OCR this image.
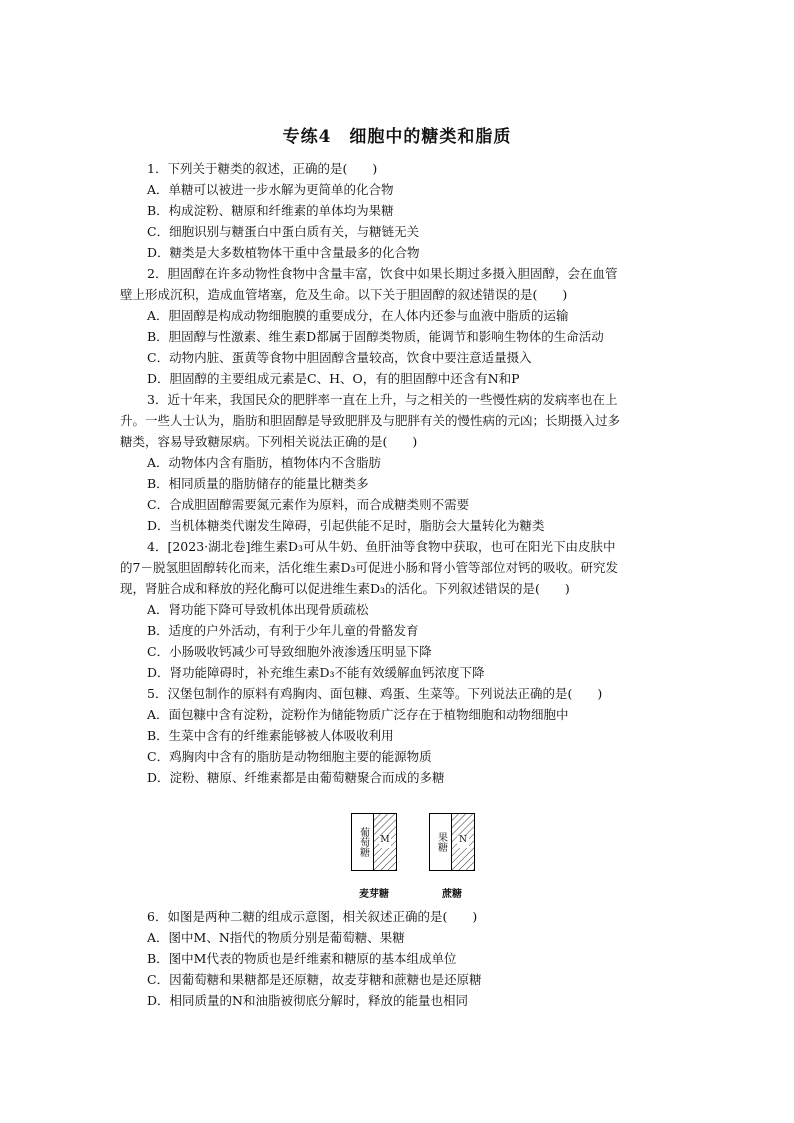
专练4　细胞中的糖类和脂质
1．下列关于糖类的叙述，正确的是(　　)
A．单糖可以被进一步水解为更简单的化合物
B．构成淀粉、糖原和纤维素的单体均为果糖
C．细胞识别与糖蛋白中蛋白质有关，与糖链无关
D．糖类是大多数植物体干重中含量最多的化合物
2．胆固醇在许多动物性食物中含量丰富，饮食中如果长期过多摄入胆固醇，会在血管
壁上形成沉积，造成血管堵塞，危及生命。以下关于胆固醇的叙述错误的是(　　)
A．胆固醇是构成动物细胞膜的重要成分，在人体内还参与血液中脂质的运输
B．胆固醇与性激素、维生素D都属于固醇类物质，能调节和影响生物体的生命活动
C．动物内脏、蛋黄等食物中胆固醇含量较高，饮食中要注意适量摄入
D．胆固醇的主要组成元素是C、H、O，有的胆固醇中还含有N和P
3．近十年来，我国民众的肥胖率一直在上升，与之相关的一些慢性病的发病率也在上
升。一些人士认为，脂肪和胆固醇是导致肥胖及与肥胖有关的慢性病的元凶；长期摄入过多
糖类，容易导致糖尿病。下列相关说法正确的是(　　)
A．动物体内含有脂肪，植物体内不含脂肪
B．相同质量的脂肪储存的能量比糖类多
C．合成胆固醇需要氮元素作为原料，而合成糖类则不需要
D．当机体糖类代谢发生障碍，引起供能不足时，脂肪会大量转化为糖类
4．[2023·湖北卷]维生素D₃可从牛奶、鱼肝油等食物中获取，也可在阳光下由皮肤中
的7－脱氢胆固醇转化而来，活化维生素D₃可促进小肠和肾小管等部位对钙的吸收。研究发
现，肾脏合成和释放的羟化酶可以促进维生素D₃的活化。下列叙述错误的是(　　)
A．肾功能下降可导致机体出现骨质疏松
B．适度的户外活动，有利于少年儿童的骨骼发育
C．小肠吸收钙减少可导致细胞外液渗透压明显下降
D．肾功能障碍时，补充维生素D₃不能有效缓解血钙浓度下降
5．汉堡包制作的原料有鸡胸肉、面包糠、鸡蛋、生菜等。下列说法正确的是(　　)
A．面包糠中含有淀粉，淀粉作为储能物质广泛存在于植物细胞和动物细胞中
B．生菜中含有的纤维素能够被人体吸收利用
C．鸡胸肉中含有的脂肪是动物细胞主要的能源物质
D．淀粉、糖原、纤维素都是由葡萄糖聚合而成的多糖
葡萄糖 M
麦芽糖
果糖 N
蔗糖
6．如图是两种二糖的组成示意图，相关叙述正确的是(　　)
A．图中M、N指代的物质分别是葡萄糖、果糖
B．图中M代表的物质也是纤维素和糖原的基本组成单位
C．因葡萄糖和果糖都是还原糖，故麦芽糖和蔗糖也是还原糖
D．相同质量的N和油脂被彻底分解时，释放的能量也相同
